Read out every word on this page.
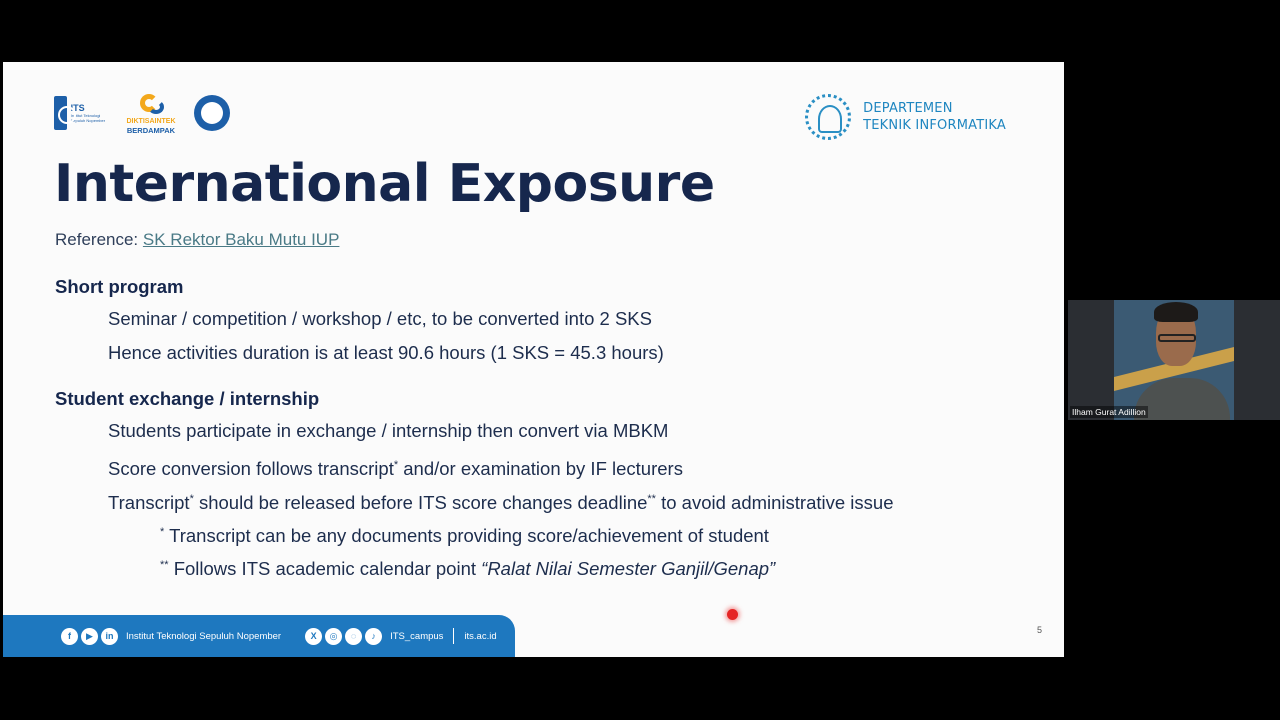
ITS
Institut Teknologi Sepuluh Nopember	DIKTISAINTEK
BERDAMPAK
DEPARTEMEN
TEKNIK INFORMATIKA
International Exposure
Reference: SK Rektor Baku Mutu IUP
Short program
Seminar / competition / workshop / etc, to be converted into 2 SKS
Hence activities duration is at least 90.6 hours (1 SKS = 45.3 hours)
Student exchange / internship
Students participate in exchange / internship then convert via MBKM
Score conversion follows transcript* and/or examination by IF lecturers
Transcript* should be released before ITS score changes deadline** to avoid administrative issue
* Transcript can be any documents providing score/achievement of student
** Follows ITS academic calendar point “Ralat Nilai Semester Ganjil/Genap”
f	▶	in	Institut Teknologi Sepuluh Nopember	X	◎	◌	♪	ITS_campus its.ac.id
5
Ilham Gurat Adillion
